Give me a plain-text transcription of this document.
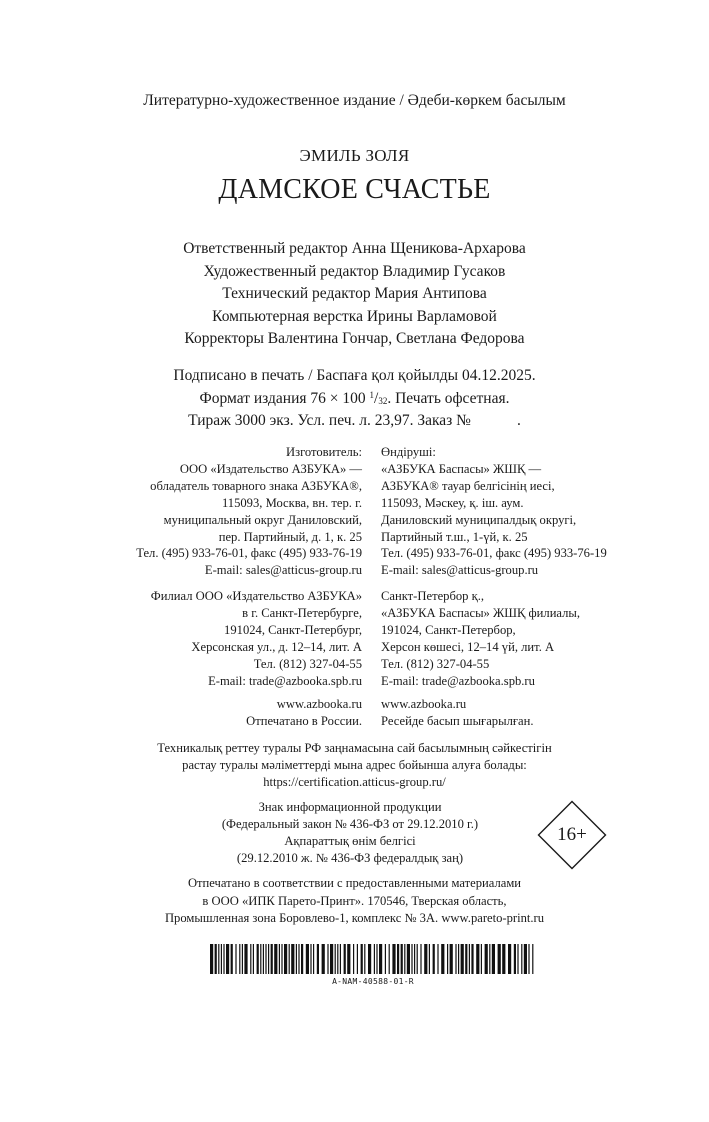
Литературно-художественное издание / Әдеби-көркем басылым
ЭМИЛЬ ЗОЛЯ
ДАМСКОЕ СЧАСТЬЕ
Ответственный редактор Анна Щеникова-Архарова
Художественный редактор Владимир Гусаков
Технический редактор Мария Антипова
Компьютерная верстка Ирины Варламовой
Корректоры Валентина Гончар, Светлана Федорова
Подписано в печать / Баспаға қол қойылды 04.12.2025.
Формат издания 76 × 100 $^1/_{32}$. Печать офсетная.
Тираж 3000 экз. Усл. печ. л. 23,97. Заказ №	.
Изготовитель:
ООО «Издательство АЗБУКА» —
обладатель товарного знака АЗБУКА®,
115093, Москва, вн. тер. г.
муниципальный округ Даниловский,
пер. Партийный, д. 1, к. 25
Тел. (495) 933-76-01, факс (495) 933-76-19
E-mail: sales@atticus-group.ru
Өндіруші:
«АЗБУКА Баспасы» ЖШҚ —
АЗБУКА® тауар белгісінің иесі,
115093, Мәскеу, қ. іш. аум.
Даниловский муниципалдық округі,
Партийный т.ш., 1-үй, к. 25
Тел. (495) 933-76-01, факс (495) 933-76-19
E-mail: sales@atticus-group.ru
Филиал ООО «Издательство АЗБУКА»
в г. Санкт-Петербурге,
191024, Санкт-Петербург,
Херсонская ул., д. 12–14, лит. А
Тел. (812) 327-04-55
E-mail: trade@azbooka.spb.ru
Санкт-Петербор қ.,
«АЗБУКА Баспасы» ЖШҚ филиалы,
191024, Санкт-Петербор,
Херсон көшесі, 12–14 үй, лит. А
Тел. (812) 327-04-55
E-mail: trade@azbooka.spb.ru
www.azbooka.ru
Отпечатано в России.
www.azbooka.ru
Ресейде басып шығарылған.
Техникалық реттеу туралы РФ заңнамасына сай басылымның сәйкестігін
растау туралы мәліметтерді мына адрес бойынша алуға болады:
https://certification.atticus-group.ru/
Знак информационной продукции
(Федеральный закон № 436-ФЗ от 29.12.2010 г.)
Ақпараттық өнім белгісі
(29.12.2010 ж. № 436-ФЗ федералдық заң)
16+
Отпечатано в соответствии с предоставленными материалами
в ООО «ИПК Парето-Принт». 170546, Тверская область,
Промышленная зона Боровлево-1, комплекс № 3А. www.pareto-print.ru
A-NAM-40588-01-R
